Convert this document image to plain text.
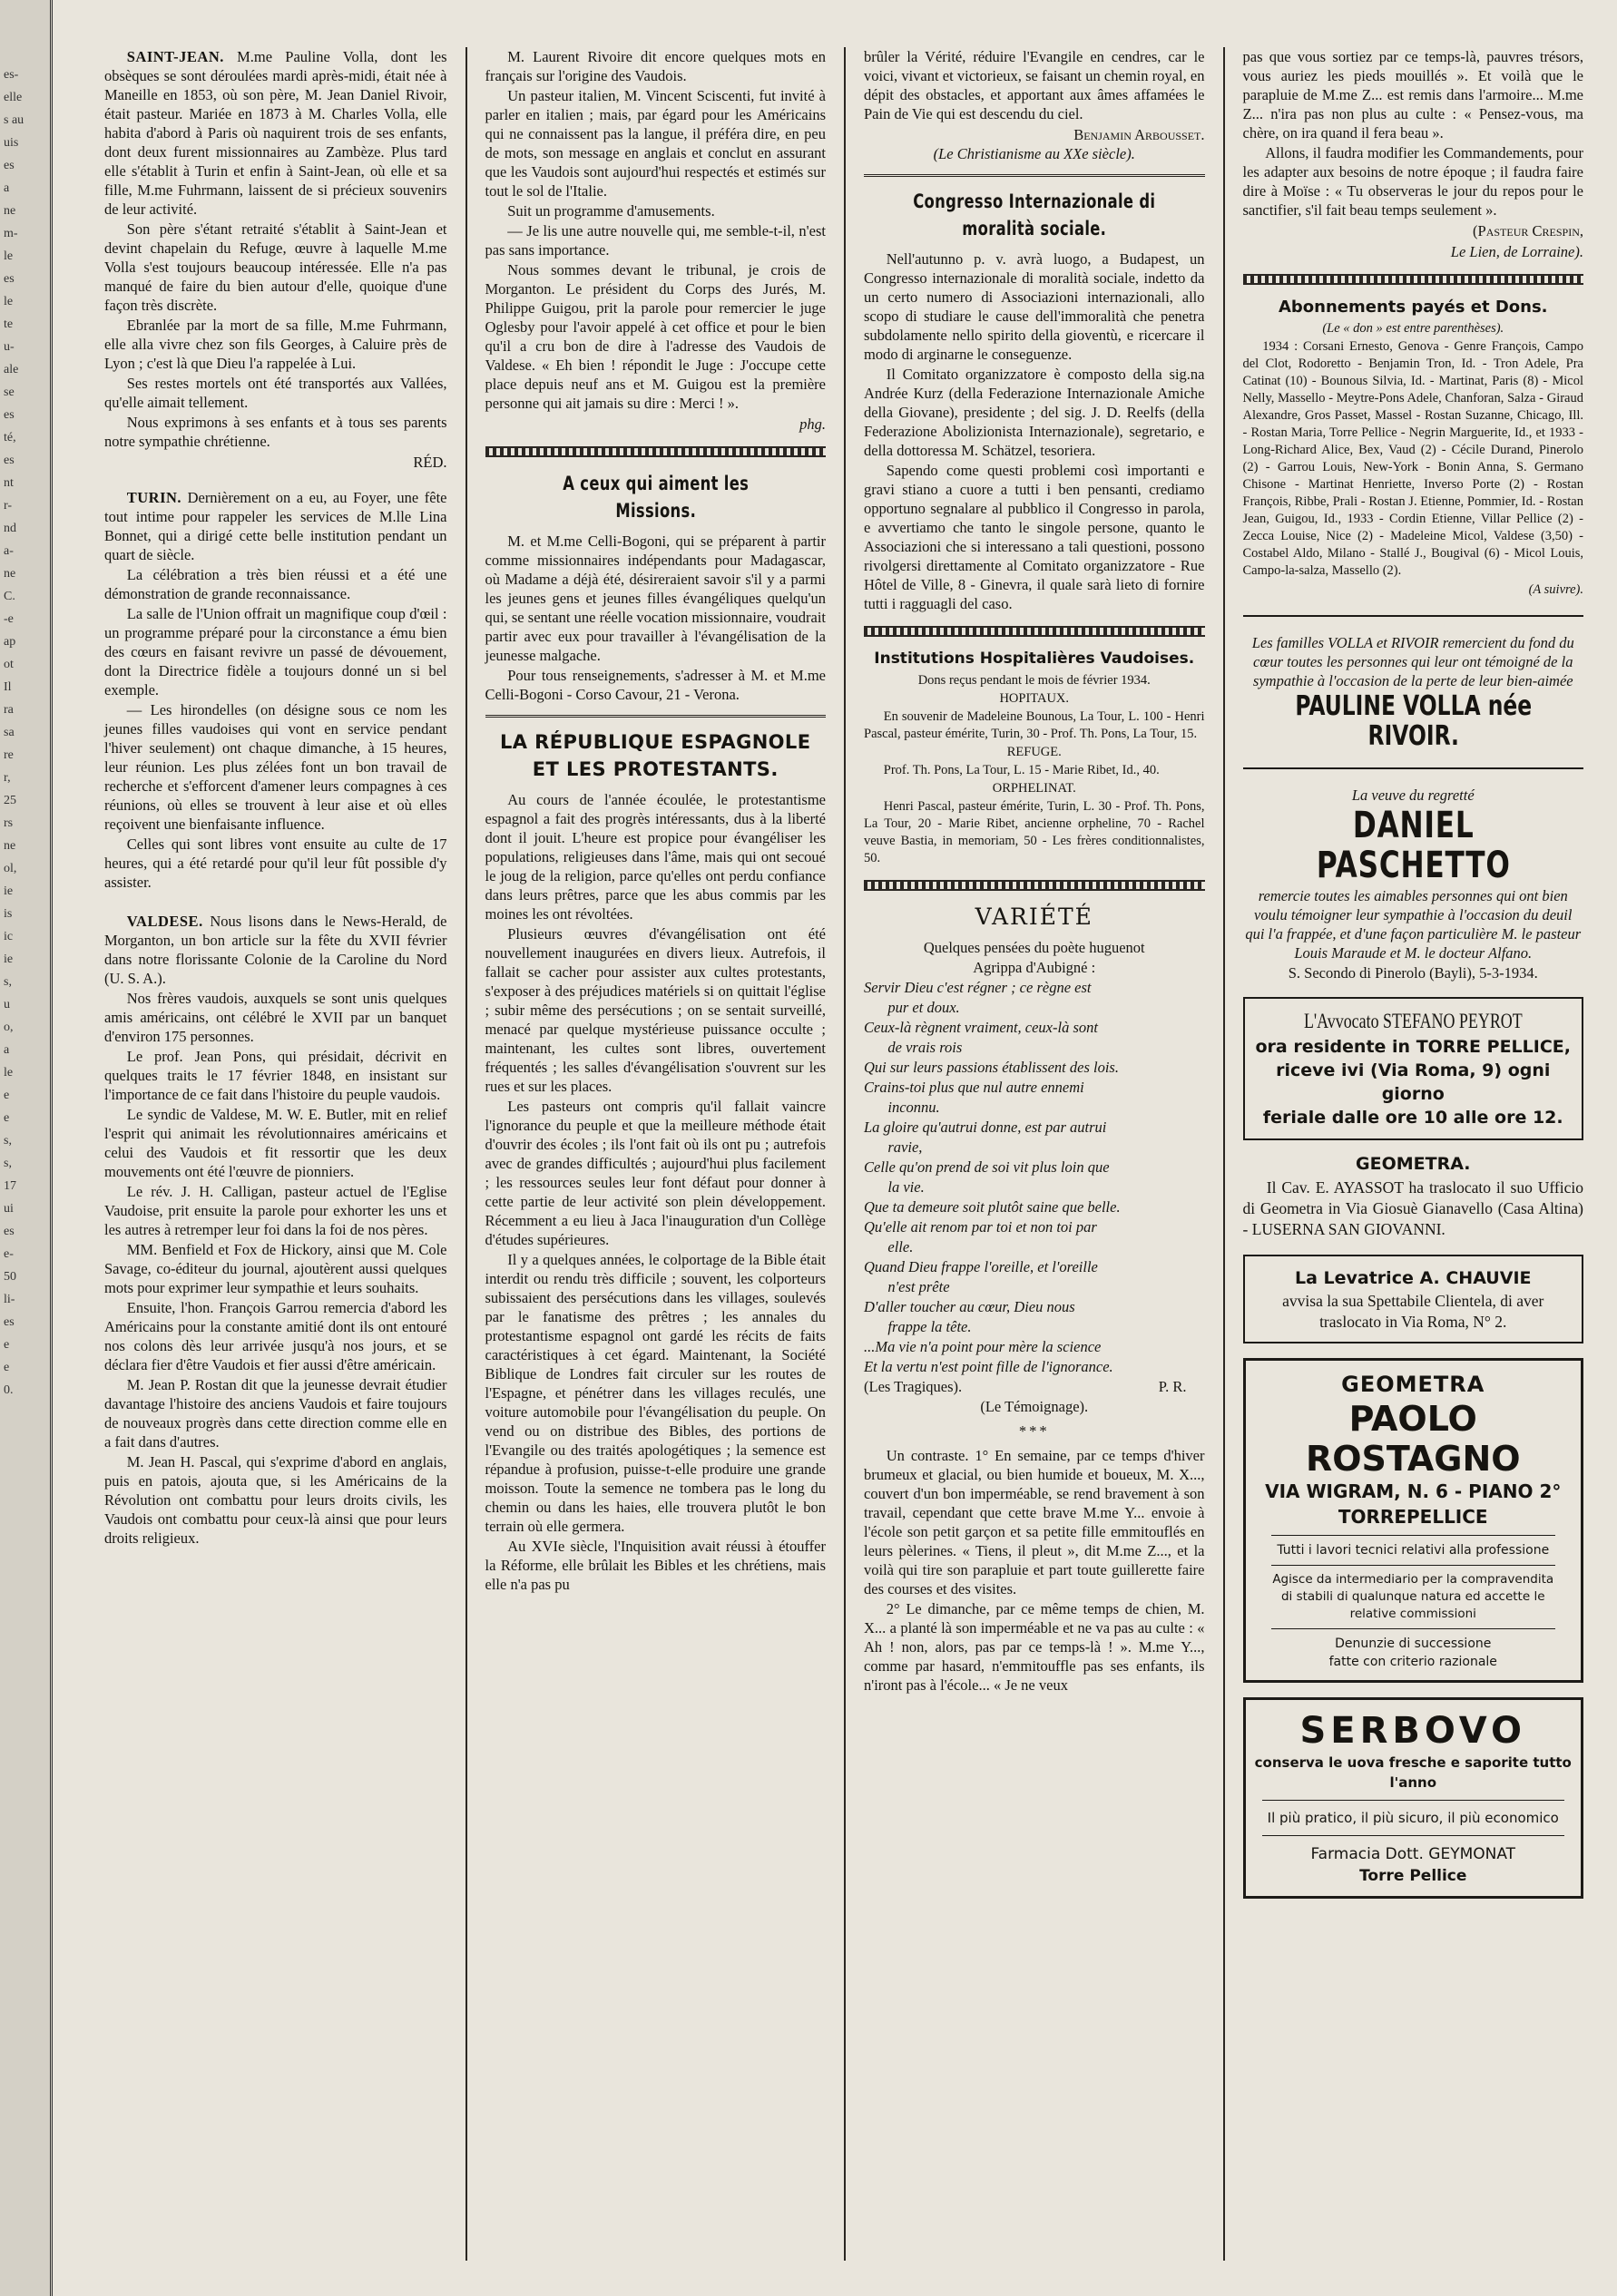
es-
elle
s au
uis
es
a
ne
m-
le
es
le
te
u-
ale
se
es
té,
es
nt
r-
nd
a-
ne
C.
-e
ap
ot
Il
ra
sa
re
r,
25
rs
ne
ol,
ie
is
ic
ie
s,
u
o,
a
le
e
e
s,
s,
17
ui
es
e-
50
li-
es
e
e
0.

SAINT-JEAN. M.me Pauline Volla, dont les obsèques se sont déroulées mardi après-midi, était née à Maneille en 1853, où son père, M. Jean Daniel Rivoir, était pasteur. Mariée en 1873 à M. Charles Volla, elle habita d'abord à Paris où naquirent trois de ses enfants, dont deux furent missionnaires au Zambèze. Plus tard elle s'établit à Turin et enfin à Saint-Jean, où elle et sa fille, M.me Fuhrmann, laissent de si précieux souvenirs de leur activité.

Son père s'étant retraité s'établit à Saint-Jean et devint chapelain du Refuge, œuvre à laquelle M.me Volla s'est toujours beaucoup intéressée. Elle n'a pas manqué de faire du bien autour d'elle, quoique d'une façon très discrète.

Ebranlée par la mort de sa fille, M.me Fuhrmann, elle alla vivre chez son fils Georges, à Caluire près de Lyon ; c'est là que Dieu l'a rappelée à Lui.

Ses restes mortels ont été transportés aux Vallées, qu'elle aimait tellement.

Nous exprimons à ses enfants et à tous ses parents notre sympathie chrétienne.

RÉD.

TURIN. Dernièrement on a eu, au Foyer, une fête tout intime pour rappeler les services de M.lle Lina Bonnet, qui a dirigé cette belle institution pendant un quart de siècle.

La célébration a très bien réussi et a été une démonstration de grande reconnaissance.

La salle de l'Union offrait un magnifique coup d'œil : un programme préparé pour la circonstance a ému bien des cœurs en faisant revivre un passé de dévouement, dont la Directrice fidèle a toujours donné un si bel exemple.

— Les hirondelles (on désigne sous ce nom les jeunes filles vaudoises qui vont en service pendant l'hiver seulement) ont chaque dimanche, à 15 heures, leur réunion. Les plus zélées font un bon travail de recherche et s'efforcent d'amener leurs compagnes à ces réunions, où elles se trouvent à leur aise et où elles reçoivent une bienfaisante influence.

Celles qui sont libres vont ensuite au culte de 17 heures, qui a été retardé pour qu'il leur fût possible d'y assister.

VALDESE. Nous lisons dans le News-Herald, de Morganton, un bon article sur la fête du XVII février dans notre florissante Colonie de la Caroline du Nord (U. S. A.).

Nos frères vaudois, auxquels se sont unis quelques amis américains, ont célébré le XVII par un banquet d'environ 175 personnes.

Le prof. Jean Pons, qui présidait, décrivit en quelques traits le 17 février 1848, en insistant sur l'importance de ce fait dans l'histoire du peuple vaudois.

Le syndic de Valdese, M. W. E. Butler, mit en relief l'esprit qui animait les révolutionnaires américains et celui des Vaudois et fit ressortir que les deux mouvements ont été l'œuvre de pionniers.

Le rév. J. H. Calligan, pasteur actuel de l'Eglise Vaudoise, prit ensuite la parole pour exhorter les uns et les autres à retremper leur foi dans la foi de nos pères.

MM. Benfield et Fox de Hickory, ainsi que M. Cole Savage, co-éditeur du journal, ajoutèrent aussi quelques mots pour exprimer leur sympathie et leurs souhaits.

Ensuite, l'hon. François Garrou remercia d'abord les Américains pour la constante amitié dont ils ont entouré nos colons dès leur arrivée jusqu'à nos jours, et se déclara fier d'être Vaudois et fier aussi d'être américain.

M. Jean P. Rostan dit que la jeunesse devrait étudier davantage l'histoire des anciens Vaudois et faire toujours de nouveaux progrès dans cette direction comme elle en a fait dans d'autres.

M. Jean H. Pascal, qui s'exprime d'abord en anglais, puis en patois, ajouta que, si les Américains de la Révolution ont combattu pour leurs droits civils, les Vaudois ont combattu pour ceux-là ainsi que pour leurs droits religieux.

M. Laurent Rivoire dit encore quelques mots en français sur l'origine des Vaudois.

Un pasteur italien, M. Vincent Sciscenti, fut invité à parler en italien ; mais, par égard pour les Américains qui ne connaissent pas la langue, il préféra dire, en peu de mots, son message en anglais et conclut en assurant que les Vaudois sont aujourd'hui respectés et estimés sur tout le sol de l'Italie.

Suit un programme d'amusements.

— Je lis une autre nouvelle qui, me semble-t-il, n'est pas sans importance.

Nous sommes devant le tribunal, je crois de Morganton. Le président du Corps des Jurés, M. Philippe Guigou, prit la parole pour remercier le juge Oglesby pour l'avoir appelé à cet office et pour le bien qu'il a cru bon de dire à l'adresse des Vaudois de Valdese. « Eh bien ! répondit le Juge : J'occupe cette place depuis neuf ans et M. Guigou est la première personne qui ait jamais su dire : Merci ! ».

phg.
A ceux qui aiment les Missions.

M. et M.me Celli-Bogoni, qui se préparent à partir comme missionnaires indépendants pour Madagascar, où Madame a déjà été, désireraient savoir s'il y a parmi les jeunes gens et jeunes filles évangéliques quelqu'un qui, se sentant une réelle vocation missionnaire, voudrait partir avec eux pour travailler à l'évangélisation de la jeunesse malgache.

Pour tous renseignements, s'adresser à M. et M.me Celli-Bogoni - Corso Cavour, 21 - Verona.

LA RÉPUBLIQUE ESPAGNOLE
ET LES PROTESTANTS.

Au cours de l'année écoulée, le protestantisme espagnol a fait des progrès intéressants, dus à la liberté dont il jouit. L'heure est propice pour évangéliser les populations, religieuses dans l'âme, mais qui ont secoué le joug de la religion, parce qu'elles ont perdu confiance dans leurs prêtres, parce que les abus commis par les moines les ont révoltées.

Plusieurs œuvres d'évangélisation ont été nouvellement inaugurées en divers lieux. Autrefois, il fallait se cacher pour assister aux cultes protestants, s'exposer à des préjudices matériels si on quittait l'église ; subir même des persécutions ; on se sentait surveillé, menacé par quelque mystérieuse puissance occulte ; maintenant, les cultes sont libres, ouvertement fréquentés ; les salles d'évangélisation s'ouvrent sur les rues et sur les places.

Les pasteurs ont compris qu'il fallait vaincre l'ignorance du peuple et que la meilleure méthode était d'ouvrir des écoles ; ils l'ont fait où ils ont pu ; autrefois avec de grandes difficultés ; aujourd'hui plus facilement ; les ressources seules leur font défaut pour donner à cette partie de leur activité son plein développement. Récemment a eu lieu à Jaca l'inauguration d'un Collège d'études supérieures.

Il y a quelques années, le colportage de la Bible était interdit ou rendu très difficile ; souvent, les colporteurs subissaient des persécutions dans les villages, soulevés par le fanatisme des prêtres ; les annales du protestantisme espagnol ont gardé les récits de faits caractéristiques à cet égard. Maintenant, la Société Biblique de Londres fait circuler sur les routes de l'Espagne, et pénétrer dans les villages reculés, une voiture automobile pour l'évangélisation du peuple. On vend ou on distribue des Bibles, des portions de l'Evangile ou des traités apologétiques ; la semence est répandue à profusion, puisse-t-elle produire une grande moisson. Toute la semence ne tombera pas le long du chemin ou dans les haies, elle trouvera plutôt le bon terrain où elle germera.

Au XVIe siècle, l'Inquisition avait réussi à étouffer la Réforme, elle brûlait les Bibles et les chrétiens, mais elle n'a pas pu

brûler la Vérité, réduire l'Evangile en cendres, car le voici, vivant et victorieux, se faisant un chemin royal, en dépit des obstacles, et apportant aux âmes affamées le Pain de Vie qui est descendu du ciel.

Benjamin Arbousset.
(Le Christianisme au XXe siècle).
Congresso Internazionale di moralità sociale.

Nell'autunno p. v. avrà luogo, a Budapest, un Congresso internazionale di moralità sociale, indetto da un certo numero di Associazioni internazionali, allo scopo di studiare le cause dell'immoralità che penetra subdolamente nello spirito della gioventù, e ricercare il modo di arginarne le conseguenze.

Il Comitato organizzatore è composto della sig.na Andrée Kurz (della Federazione Internazionale Amiche della Giovane), presidente ; del sig. J. D. Reelfs (della Federazione Abolizionista Internazionale), segretario, e della dottoressa M. Schätzel, tesoriera.

Sapendo come questi problemi così importanti e gravi stiano a cuore a tutti i ben pensanti, crediamo opportuno segnalare al pubblico il Congresso in parola, e avvertiamo che tanto le singole persone, quanto le Associazioni che si interessano a tali questioni, possono rivolgersi direttamente al Comitato organizzatore - Rue Hôtel de Ville, 8 - Ginevra, il quale sarà lieto di fornire tutti i ragguagli del caso.

Institutions Hospitalières Vaudoises.

Dons reçus pendant le mois de février 1934.

HOPITAUX.

En souvenir de Madeleine Bounous, La Tour, L. 100 - Henri Pascal, pasteur émérite, Turin, 30 - Prof. Th. Pons, La Tour, 15.

REFUGE.

Prof. Th. Pons, La Tour, L. 15 - Marie Ribet, Id., 40.

ORPHELINAT.

Henri Pascal, pasteur émérite, Turin, L. 30 - Prof. Th. Pons, La Tour, 20 - Marie Ribet, ancienne orpheline, 70 - Rachel veuve Bastia, in memoriam, 50 - Les frères conditionnalistes, 50.

VARIÉTÉ

Quelques pensées du poète huguenot

Agrippa d'Aubigné :

Servir Dieu c'est régner ; ce règne est

pur et doux.

Ceux-là règnent vraiment, ceux-là sont

de vrais rois

Qui sur leurs passions établissent des lois.

Crains-toi plus que nul autre ennemi

inconnu.

La gloire qu'autrui donne, est par autrui

ravie,

Celle qu'on prend de soi vit plus loin que

la vie.

Que ta demeure soit plutôt saine que belle.

Qu'elle ait renom par toi et non toi par

elle.

Quand Dieu frappe l'oreille, et l'oreille

n'est prête

D'aller toucher au cœur, Dieu nous

frappe la tête.

...Ma vie n'a point pour mère la science

Et la vertu n'est point fille de l'ignorance.

(Les Tragiques).	P. R.

(Le Témoignage).

***

Un contraste. 1° En semaine, par ce temps d'hiver brumeux et glacial, ou bien humide et boueux, M. X..., couvert d'un bon imperméable, se rend bravement à son travail, cependant que cette brave M.me Y... envoie à l'école son petit garçon et sa petite fille emmitouflés en leurs pèlerines. « Tiens, il pleut », dit M.me Z..., et la voilà qui tire son parapluie et part toute guillerette faire des courses et des visites.

2° Le dimanche, par ce même temps de chien, M. X... a planté là son imperméable et ne va pas au culte : « Ah ! non, alors, pas par ce temps-là ! ». M.me Y..., comme par hasard, n'emmitouffle pas ses enfants, ils n'iront pas à l'école... « Je ne veux

pas que vous sortiez par ce temps-là, pauvres trésors, vous auriez les pieds mouillés ». Et voilà que le parapluie de M.me Z... est remis dans l'armoire... M.me Z... n'ira pas non plus au culte : « Pensez-vous, ma chère, on ira quand il fera beau ».

Allons, il faudra modifier les Commandements, pour les adapter aux besoins de notre époque ; il faudra faire dire à Moïse : « Tu observeras le jour du repos pour le sanctifier, s'il fait beau temps seulement ».

(Pasteur Crespin,
Le Lien, de Lorraine).
Abonnements payés et Dons.

(Le « don » est entre parenthèses).

1934 : Corsani Ernesto, Genova - Genre François, Campo del Clot, Rodoretto - Benjamin Tron, Id. - Tron Adele, Pra Catinat (10) - Bounous Silvia, Id. - Martinat, Paris (8) - Micol Nelly, Massello - Meytre-Pons Adele, Chanforan, Salza - Giraud Alexandre, Gros Passet, Massel - Rostan Suzanne, Chicago, Ill. - Rostan Maria, Torre Pellice - Negrin Marguerite, Id., et 1933 - Long-Richard Alice, Bex, Vaud (2) - Cécile Durand, Pinerolo (2) - Garrou Louis, New-York - Bonin Anna, S. Germano Chisone - Martinat Henriette, Inverso Porte (2) - Rostan François, Ribbe, Prali - Rostan J. Etienne, Pommier, Id. - Rostan Jean, Guigou, Id., 1933 - Cordin Etienne, Villar Pellice (2) - Zecca Louise, Nice (2) - Madeleine Micol, Valdese (3,50) - Costabel Aldo, Milano - Stallé J., Bougival (6) - Micol Louis, Campo-la-salza, Massello (2).

(A suivre).

Les familles VOLLA et RIVOIR remercient du fond du cœur toutes les personnes qui leur ont témoigné de la sympathie à l'occasion de la perte de leur bien-aimée

PAULINE VOLLA née RIVOIR.

La veuve du regretté

DANIEL PASCHETTO

remercie toutes les aimables personnes qui ont bien voulu témoigner leur sympathie à l'occasion du deuil qui l'a frappée, et d'une façon particulière M. le pasteur Louis Maraude et M. le docteur Alfano.

S. Secondo di Pinerolo (Bayli), 5-3-1934.

L'Avvocato STEFANO PEYROT
ora residente in TORRE PELLICE,
riceve ivi (Via Roma, 9) ogni giorno
feriale dalle ore 10 alle ore 12.
GEOMETRA.

Il Cav. E. AYASSOT ha traslocato il suo Ufficio di Geometra in Via Giosuè Gianavello (Casa Altina) - LUSERNA SAN GIOVANNI.

La Levatrice A. CHAUVIE
avvisa la sua Spettabile Clientela, di aver traslocato in Via Roma, N° 2.
GEOMETRA
PAOLO ROSTAGNO
VIA WIGRAM, N. 6 - PIANO 2°
TORREPELLICE
Tutti i lavori tecnici relativi alla professione
Agisce da intermediario per la compravendita di stabili di qualunque natura ed accette le relative commissioni
Denunzie di successione
fatte con criterio razionale
SERBOVO
conserva le uova fresche e saporite tutto l'anno
Il più pratico, il più sicuro, il più economico
Farmacia Dott. GEYMONAT
Torre Pellice
